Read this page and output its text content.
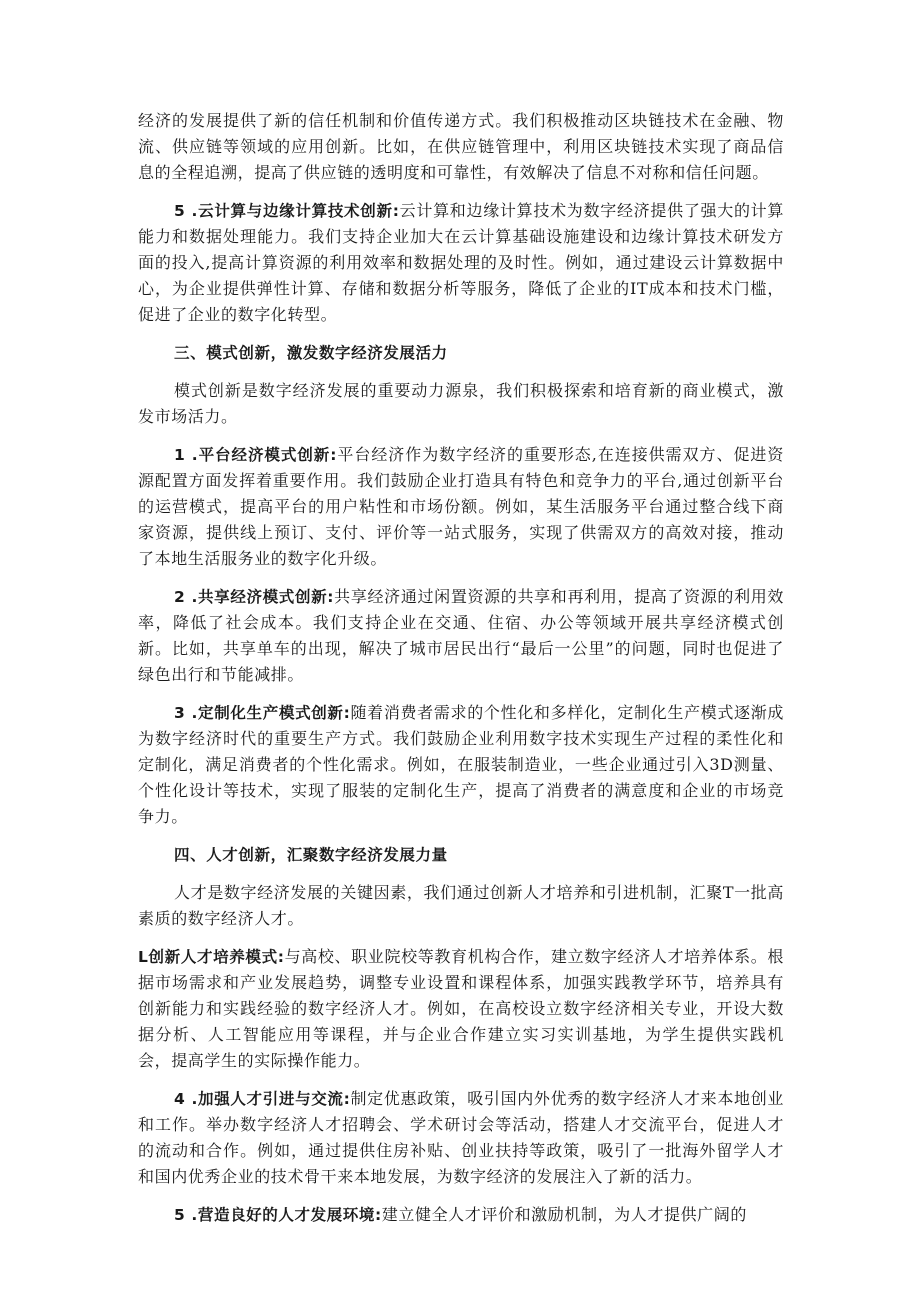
经济的发展提供了新的信任机制和价值传递方式。我们积极推动区块链技术在金融、物流、供应链等领域的应用创新。比如，在供应链管理中，利用区块链技术实现了商品信息的全程追溯，提高了供应链的透明度和可靠性，有效解决了信息不对称和信任问题。

5 .云计算与边缘计算技术创新:云计算和边缘计算技术为数字经济提供了强大的计算能力和数据处理能力。我们支持企业加大在云计算基础设施建设和边缘计算技术研发方面的投入,提高计算资源的利用效率和数据处理的及时性。例如，通过建设云计算数据中心，为企业提供弹性计算、存储和数据分析等服务，降低了企业的IT成本和技术门槛，促进了企业的数字化转型。

三、模式创新，激发数字经济发展活力

模式创新是数字经济发展的重要动力源泉，我们积极探索和培育新的商业模式，激发市场活力。

1 .平台经济模式创新:平台经济作为数字经济的重要形态,在连接供需双方、促进资源配置方面发挥着重要作用。我们鼓励企业打造具有特色和竞争力的平台,通过创新平台的运营模式，提高平台的用户粘性和市场份额。例如，某生活服务平台通过整合线下商家资源，提供线上预订、支付、评价等一站式服务，实现了供需双方的高效对接，推动了本地生活服务业的数字化升级。

2 .共享经济模式创新:共享经济通过闲置资源的共享和再利用，提高了资源的利用效率，降低了社会成本。我们支持企业在交通、住宿、办公等领域开展共享经济模式创新。比如，共享单车的出现，解决了城市居民出行“最后一公里”的问题，同时也促进了绿色出行和节能减排。

3 .定制化生产模式创新:随着消费者需求的个性化和多样化，定制化生产模式逐渐成为数字经济时代的重要生产方式。我们鼓励企业利用数字技术实现生产过程的柔性化和定制化，满足消费者的个性化需求。例如，在服装制造业，一些企业通过引入3D测量、个性化设计等技术，实现了服装的定制化生产，提高了消费者的满意度和企业的市场竞争力。

四、人才创新，汇聚数字经济发展力量

人才是数字经济发展的关键因素，我们通过创新人才培养和引进机制，汇聚T一批高素质的数字经济人才。

L创新人才培养模式:与高校、职业院校等教育机构合作，建立数字经济人才培养体系。根据市场需求和产业发展趋势，调整专业设置和课程体系，加强实践教学环节，培养具有创新能力和实践经验的数字经济人才。例如，在高校设立数字经济相关专业，开设大数据分析、人工智能应用等课程，并与企业合作建立实习实训基地，为学生提供实践机会，提高学生的实际操作能力。

4 .加强人才引进与交流:制定优惠政策，吸引国内外优秀的数字经济人才来本地创业和工作。举办数字经济人才招聘会、学术研讨会等活动，搭建人才交流平台，促进人才的流动和合作。例如，通过提供住房补贴、创业扶持等政策，吸引了一批海外留学人才和国内优秀企业的技术骨干来本地发展，为数字经济的发展注入了新的活力。

5 .营造良好的人才发展环境:建立健全人才评价和激励机制，为人才提供广阔的
